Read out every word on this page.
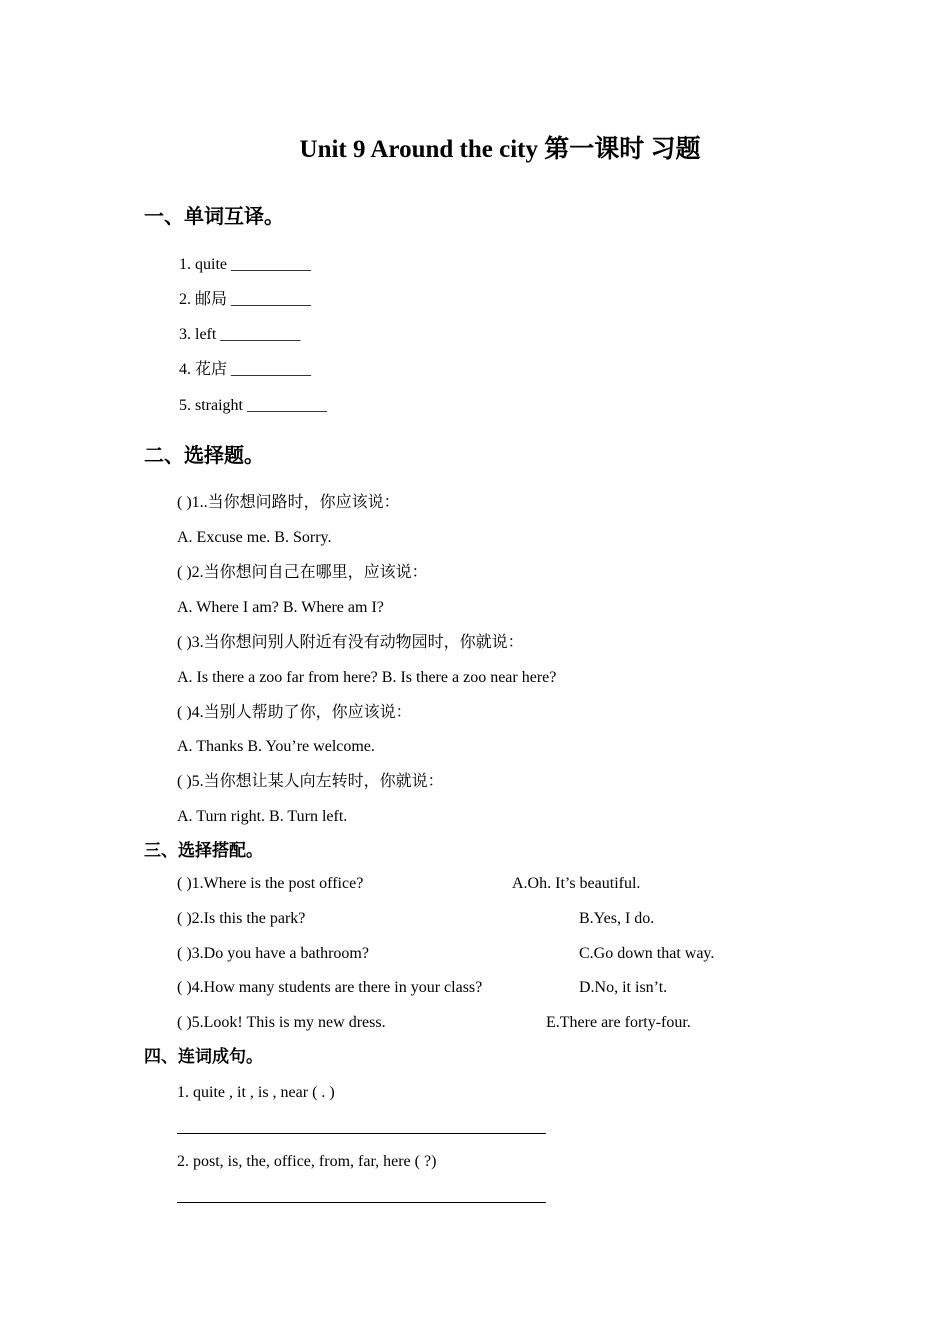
Unit 9 Around the city 第一课时 习题
一、单词互译。
1. quite __________
2. 邮局 __________
3. left __________
4. 花店 __________
5. straight __________
二、选择题。
( )1..当你想问路时，你应该说：
A. Excuse me. B. Sorry.
( )2.当你想问自己在哪里，应该说：
A. Where I am? B. Where am I?
( )3.当你想问别人附近有没有动物园时，你就说：
A. Is there a zoo far from here? B. Is there a zoo near here?
( )4.当别人帮助了你，你应该说：
A. Thanks B. You’re welcome.
( )5.当你想让某人向左转时，你就说：
A. Turn right. B. Turn left.
三、选择搭配。
( )1.Where is the post office?
( )2.Is this the park?
( )3.Do you have a bathroom?
( )4.How many students are there in your class?
( )5.Look! This is my new dress.
A.Oh. It’s beautiful.
B.Yes, I do.
C.Go down that way.
D.No, it isn’t.
E.There are forty-four.
四、连词成句。
1. quite , it , is , near ( . )
2. post, is, the, office, from, far, here ( ?)
